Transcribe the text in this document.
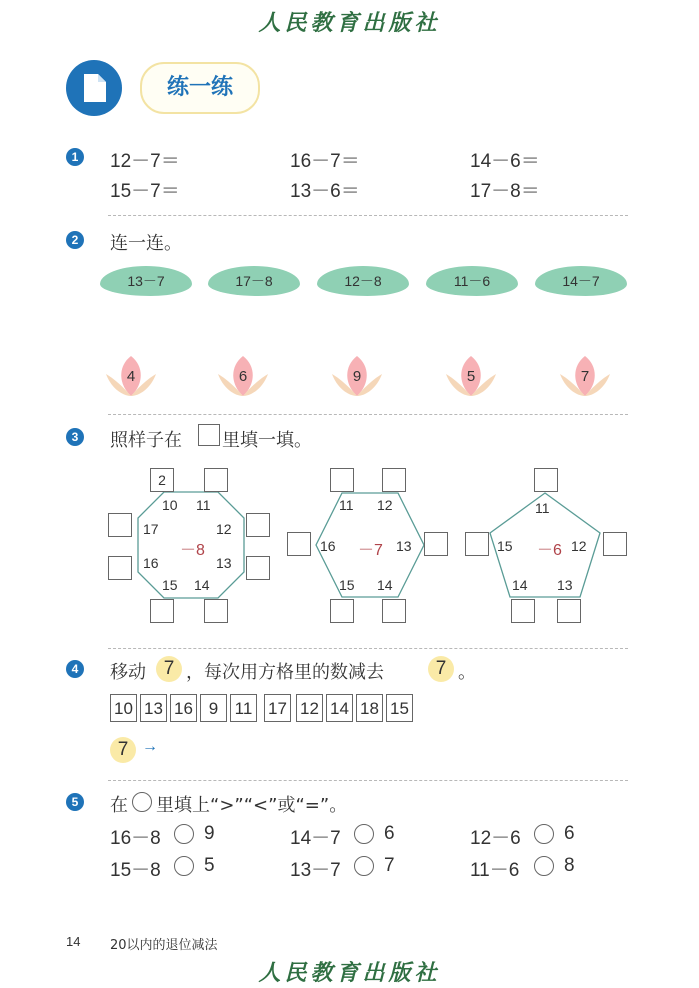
人民教育出版社
练一练
1 12－7＝	16－7＝	14－6＝
15－7＝	13－6＝	17－8＝
2	连一连。
13－7	17－8	12－8	11－6	14－7
4	6	9	5	7
3	照样子在 里填一填。
10 11
12
13
14
15
16
17
－8
2
11 12
13
14
15
16 －7
11
12
13
14
15 －6
4	移动 7 ，每次用方格里的数减去	7 。
10 13 16 9 11 17 12 14 18 15
7 →
5	在 里填上“>”“<”或“=”。
16－8 9	14－7 6	12－6 6
15－8 5	13－7 7	11－6 8
14 20以内的退位减法
人民教育出版社
